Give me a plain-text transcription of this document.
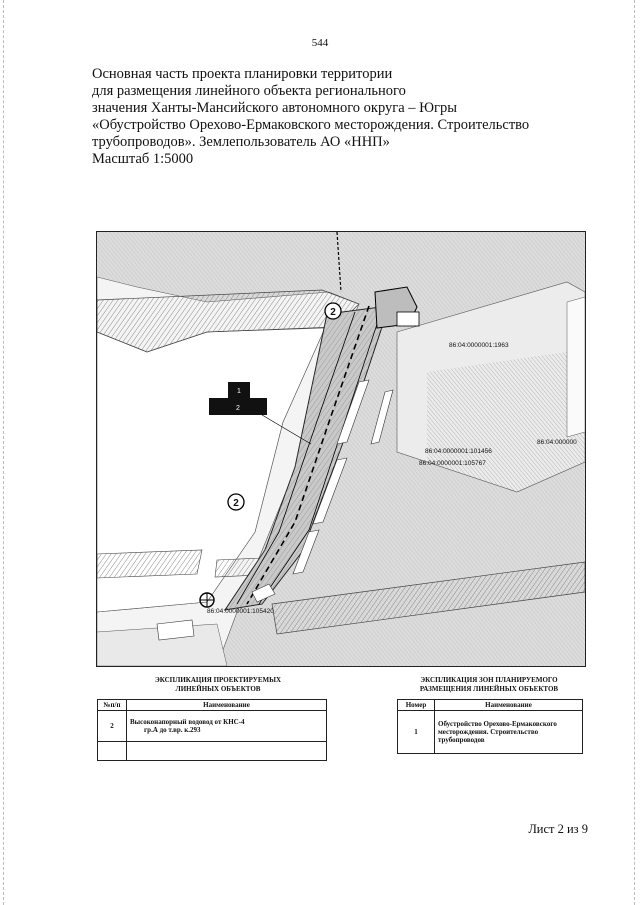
544
Основная часть проекта планировки территории
для размещения линейного объекта регионального
значения Ханты-Мансийского автономного округа – Югры
«Обустройство Орехово-Ермаковского месторождения. Строительство
трубопроводов». Землепользователь АО «ННП»
Масштаб 1:5000
2
2
1
2
86:04:0000001:1963
86:04:0000001:101456
86:04:0000001:105767
86:04:000000
86:04:0000001:105420
ЭКСПЛИКАЦИЯ ПРОЕКТИРУЕМЫХ
ЛИНЕЙНЫХ ОБЪЕКТОВ
ЭКСПЛИКАЦИЯ ЗОН ПЛАНИРУЕМОГО
РАЗМЕЩЕНИЯ ЛИНЕЙНЫХ ОБЪЕКТОВ
№п/п	Наименование
2	Высоконапорный водовод от КНС-4
гр.А до т.вр. к.293

Номер	Наименование
1	Обустройство Орехово-Ермаковского
месторождения. Строительство
трубопроводов
Лист 2 из 9
